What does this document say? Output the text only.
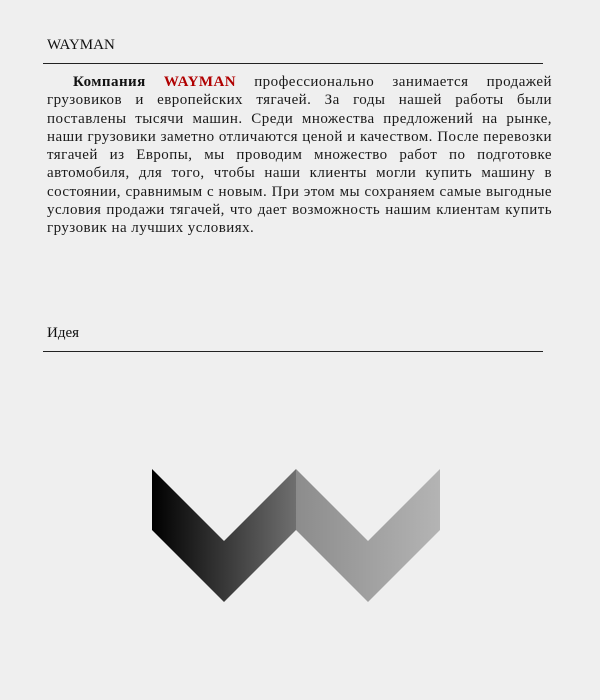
WAYMAN

Компания WAYMAN профессионально занимается продажей грузовиков и европейских тягачей. За годы нашей работы были поставлены тысячи машин. Среди множества предложений на рынке, наши грузовики заметно отличаются ценой и качеством. После перевозки тягачей из Европы, мы проводим множество работ по подготовке автомобиля, для того, чтобы наши клиенты могли купить машину в состоянии, сравнимым с новым. При этом мы сохраняем самые выгодные условия продажи тягачей, что дает возможность нашим клиентам купить грузовик на лучших условиях.

Идея
